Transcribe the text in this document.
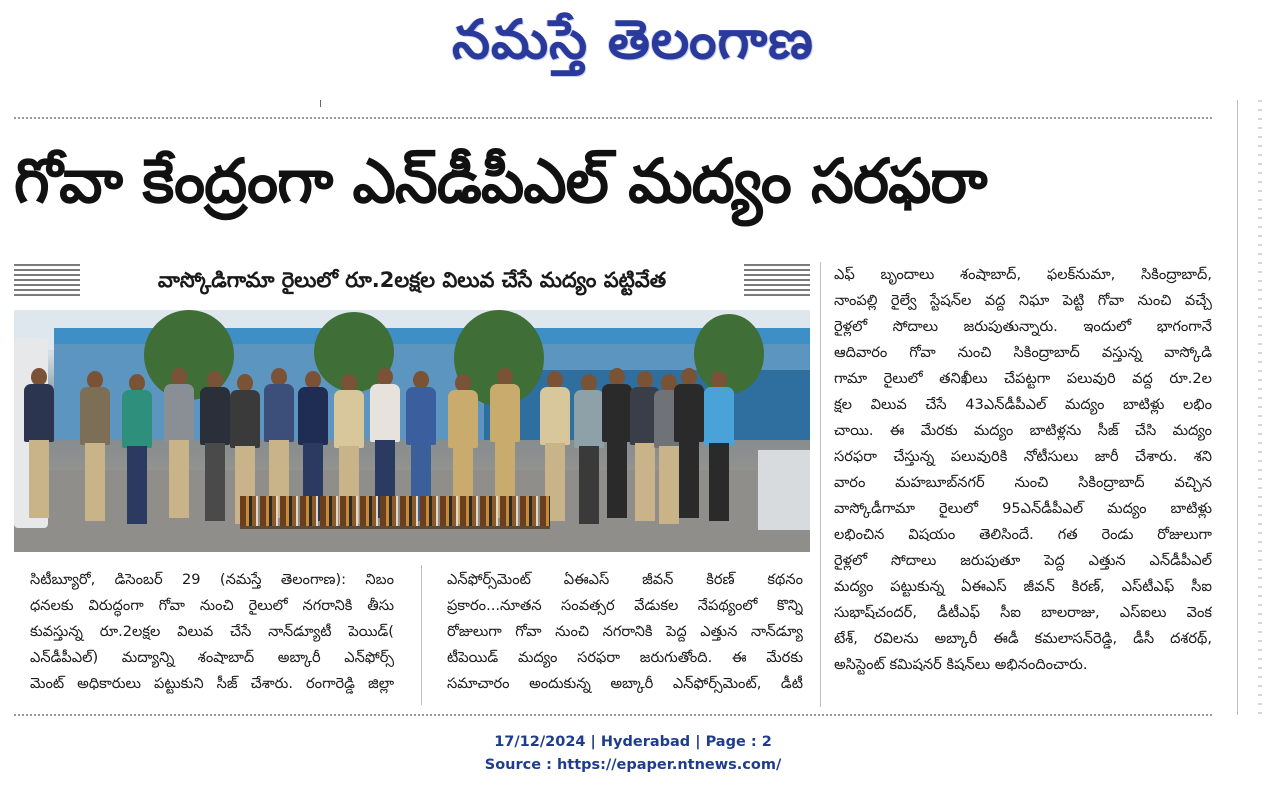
నమస్తే తెలంగాణ
గోవా కేంద్రంగా ఎన్‌డీపీఎల్ మద్యం సరఫరా
వాస్కోడిగామా రైలులో రూ.2లక్షల విలువ చేసే మద్యం పట్టివేత
సిటీబ్యూరో, డిసెంబర్ 29 (నమస్తే తెలంగాణ): నిబం
ధనలకు విరుద్ధంగా గోవా నుంచి రైలులో నగరానికి తీసు
కువస్తున్న రూ.2లక్షల విలువ చేసే నాన్‌డ్యూటీ పెయిడ్(
ఎన్‌డీపీఎల్) మద్యాన్ని శంషాబాద్ అబ్కారీ ఎన్‌ఫోర్స్
మెంట్ అధికారులు పట్టుకుని సీజ్ చేశారు. రంగారెడ్డి జిల్లా
ఎన్‌ఫోర్స్‌మెంట్ ఏఈఎస్ జీవన్ కిరణ్ కథనం
ప్రకారం...నూతన సంవత్సర వేడుకల నేపథ్యంలో కొన్ని
రోజులుగా గోవా నుంచి నగరానికి పెద్ద ఎత్తున నాన్‌డ్యూ
టీపెయిడ్ మద్యం సరఫరా జరుగుతోంది. ఈ మేరకు
సమాచారం అందుకున్న అబ్కారీ ఎన్‌ఫోర్స్‌మెంట్, డీటీ
ఎఫ్ బృందాలు శంషాబాద్, ఫలక్‌నుమా, సికింద్రాబాద్,
నాంపల్లి రైల్వే స్టేషన్‌ల వద్ద నిఘా పెట్టి గోవా నుంచి వచ్చే
రైళ్లలో సోదాలు జరుపుతున్నారు. ఇందులో భాగంగానే
ఆదివారం గోవా నుంచి సికింద్రాబాద్ వస్తున్న వాస్కోడి
గామా రైలులో తనిఖీలు చేపట్టగా పలువురి వద్ద రూ.2ల
క్షల విలువ చేసే 43ఎన్‌డీపీఎల్ మద్యం బాటిళ్లు లభిం
చాయి. ఈ మేరకు మద్యం బాటిళ్లను సీజ్ చేసి మద్యం
సరఫరా చేస్తున్న పలువురికి నోటీసులు జారీ చేశారు. శని
వారం మహబూబ్‌నగర్ నుంచి సికింద్రాబాద్ వచ్చిన
వాస్కోడీగామా రైలులో 95ఎన్‌డీపీఎల్ మద్యం బాటిళ్లు
లభించిన విషయం తెలిసిందే. గత రెండు రోజులుగా
రైళ్లలో సోదాలు జరుపుతూ పెద్ద ఎత్తున ఎన్‌డీపీఎల్
మద్యం పట్టుకున్న ఏఈఎస్ జీవన్ కిరణ్, ఎస్‌టీఎఫ్ సీఐ
సుభాష్‌చందర్, డీటీఎఫ్ సీఐ బాలరాజు, ఎస్‌ఐలు వెంక
టేశ్, రవిలను అబ్కారీ ఈడీ కమలాసన్‌రెడ్డి, డీసీ దశరథ్,
అసిస్టెంట్ కమిషనర్ కిషన్‌లు అభినందించారు.
17/12/2024 | Hyderabad | Page : 2
Source : https://epaper.ntnews.com/
